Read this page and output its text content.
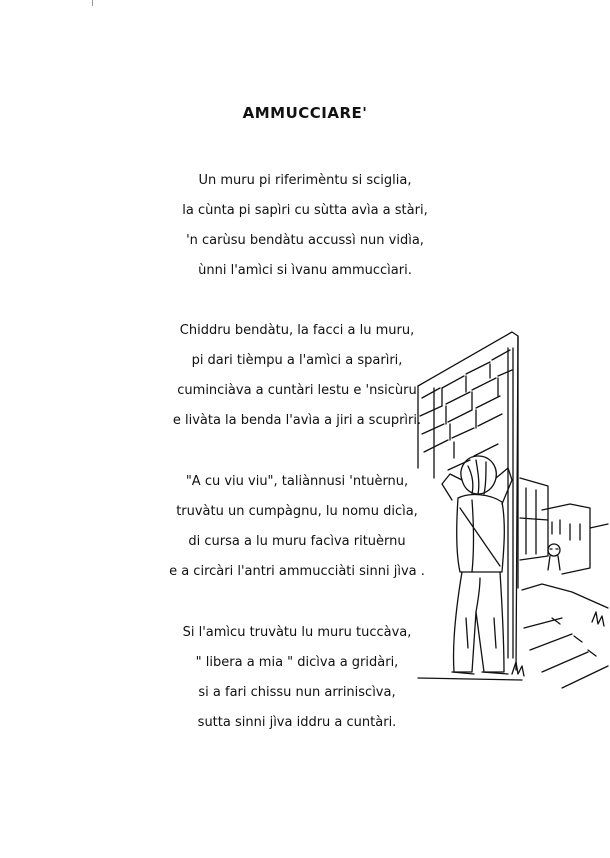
AMMUCCIARE'
Un muru pi riferimèntu si sciglia,
la cùnta pi sapìri cu sùtta avìa a stàri,
'n carùsu bendàtu accussì nun vidìa,
ùnni l'amìci si ìvanu ammuccìari.
Chiddru bendàtu, la facci a lu muru,
pi dari tièmpu a l'amìci a sparìri,
cuminciàva a cuntàri lestu e 'nsicùru
e livàta la benda l'avìa a jiri a scuprìri.
"A cu viu viu", taliànnusi 'ntuèrnu,
truvàtu un cumpàgnu, lu nomu dicìa,
di cursa a lu muru facìva rituèrnu
e a circàri l'antri ammucciàti sinni jìva .
Si l'amìcu truvàtu lu muru tuccàva,
" libera a mia " dicìva a gridàri,
si a fari chissu nun arriniscìva,
sutta sinni jìva iddru a cuntàri.
